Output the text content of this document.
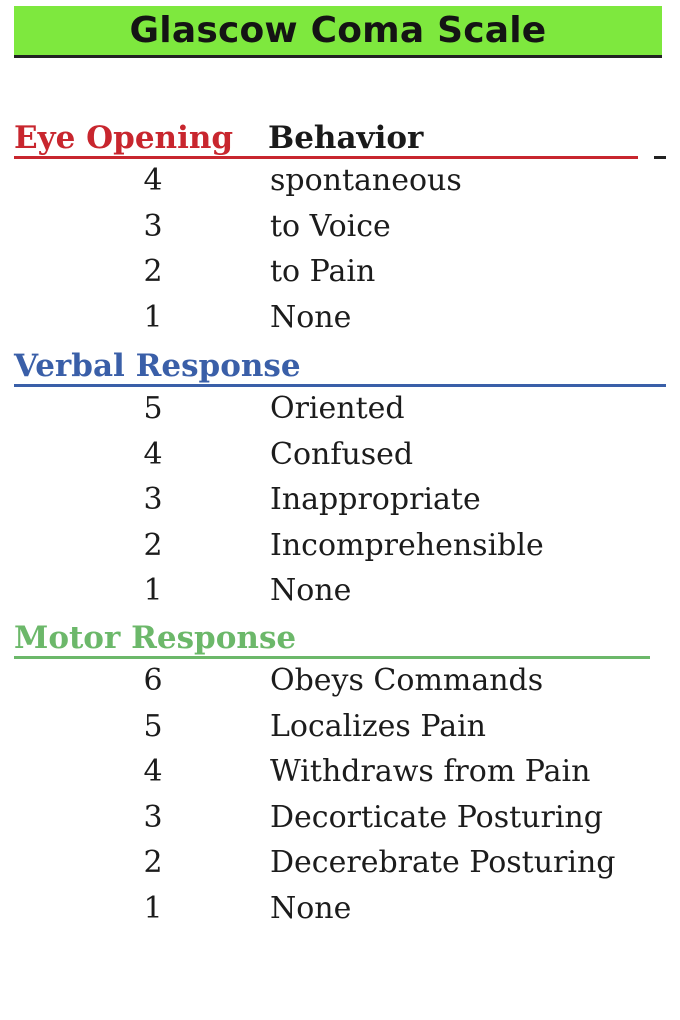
Glascow Coma Scale
Eye Opening Behavior
4	spontaneous
3	to Voice
2	to Pain
1	None
Verbal Response
5	Oriented
4	Confused
3	Inappropriate
2	Incomprehensible
1	None
Motor Response
6	Obeys Commands
5	Localizes Pain
4	Withdraws from Pain
3	Decorticate Posturing
2	Decerebrate Posturing
1	None
